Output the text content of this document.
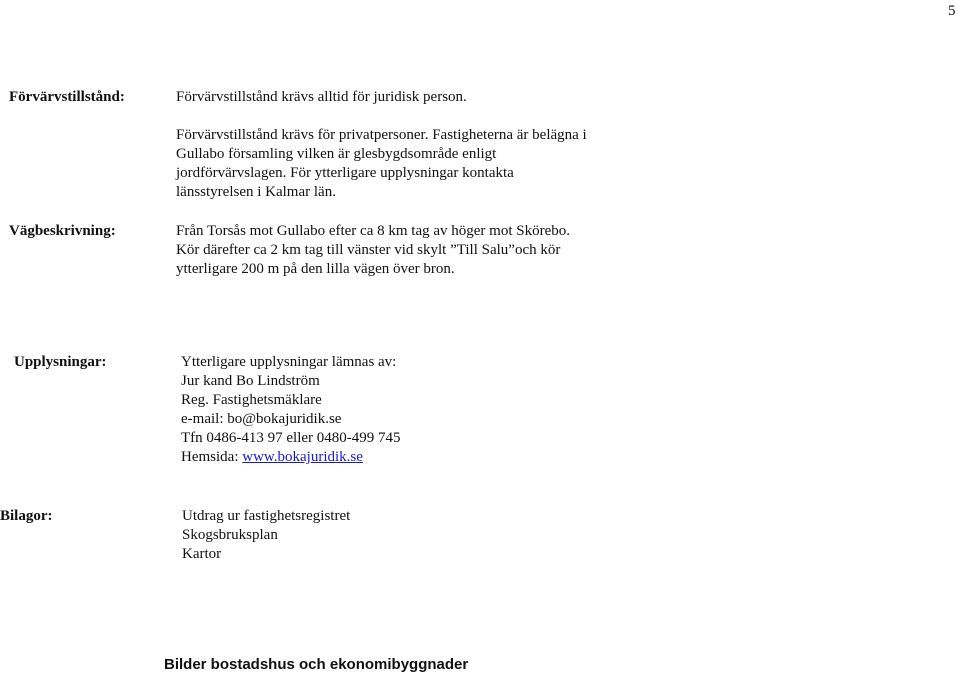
5
Förvärvstillstånd:	Förvärvstillstånd krävs alltid för juridisk person.
Förvärvstillstånd krävs för privatpersoner. Fastigheterna är belägna i
Gullabo församling vilken är glesbygdsområde enligt
jordförvärvslagen. För ytterligare upplysningar kontakta
länsstyrelsen i Kalmar län.
Vägbeskrivning:	Från Torsås mot Gullabo efter ca 8 km tag av höger mot Skörebo.
Kör därefter ca 2 km tag till vänster vid skylt ”Till Salu”och kör
ytterligare 200 m på den lilla vägen över bron.
Upplysningar:	Ytterligare upplysningar lämnas av:
Jur kand Bo Lindström
Reg. Fastighetsmäklare
e-mail: bo@bokajuridik.se
Tfn 0486-413 97 eller 0480-499 745
Hemsida: www.bokajuridik.se
Bilagor:	Utdrag ur fastighetsregistret
Skogsbruksplan
Kartor
Bilder bostadshus och ekonomibyggnader
